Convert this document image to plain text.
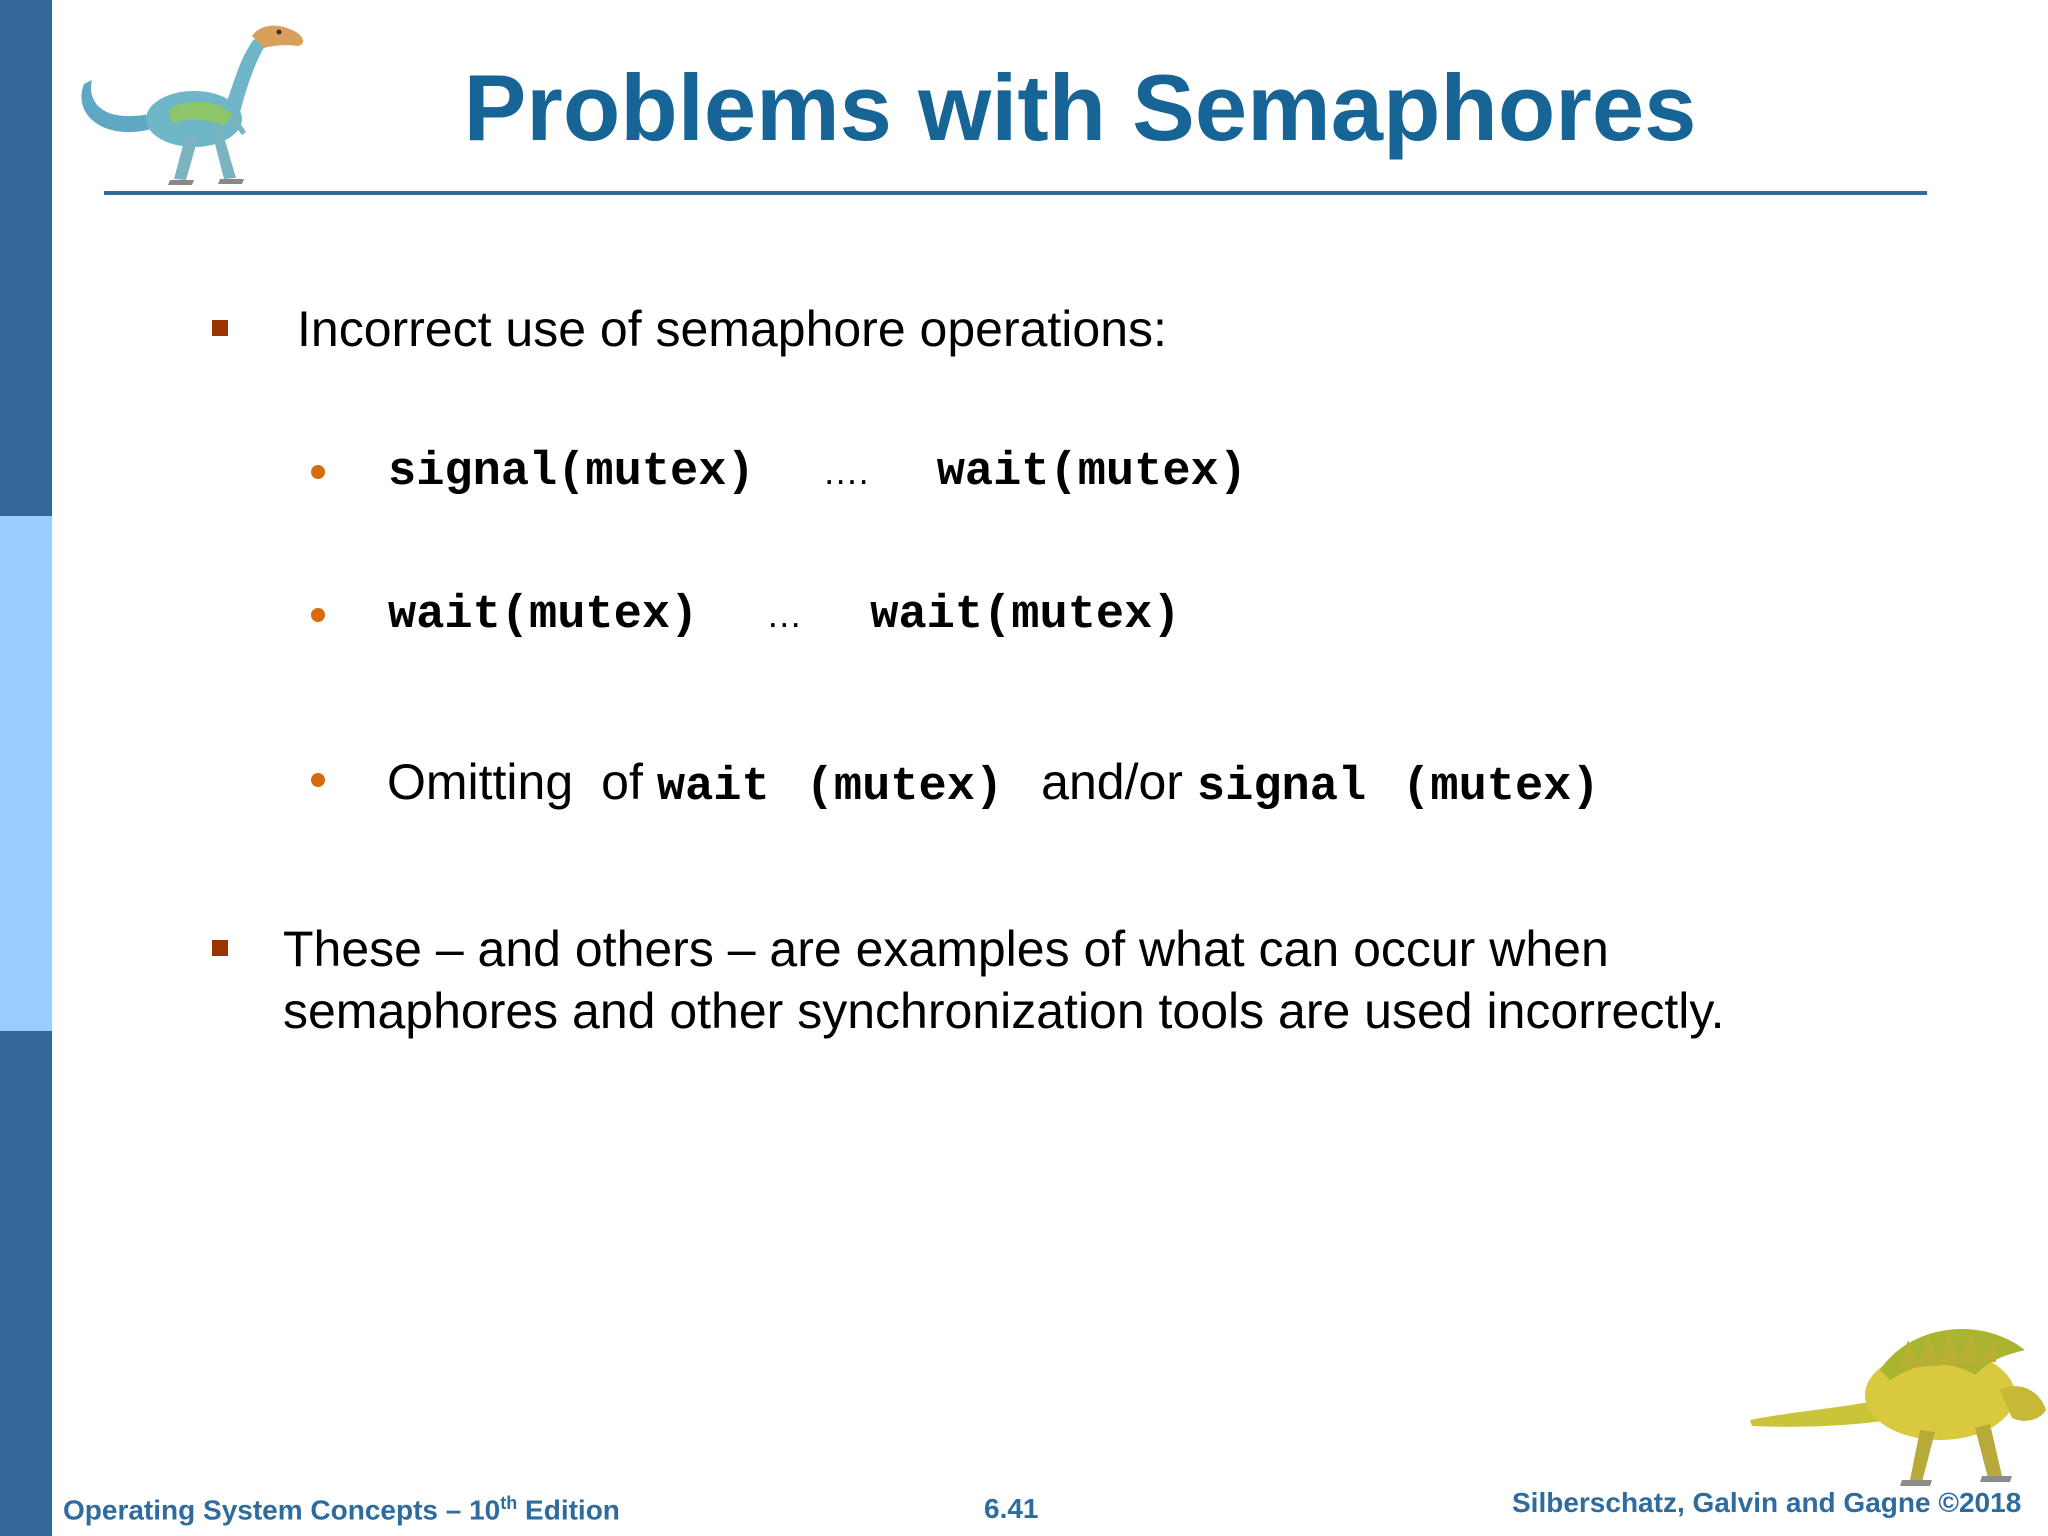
Problems with Semaphores
Incorrect use of semaphore operations:
signal(mutex) …. wait(mutex)
wait(mutex) … wait(mutex)
Omitting of wait (mutex) and/or signal (mutex)
These – and others – are examples of what can occur when semaphores and other synchronization tools are used incorrectly.
Operating System Concepts – 10th Edition	6.41	Silberschatz, Galvin and Gagne ©2018
